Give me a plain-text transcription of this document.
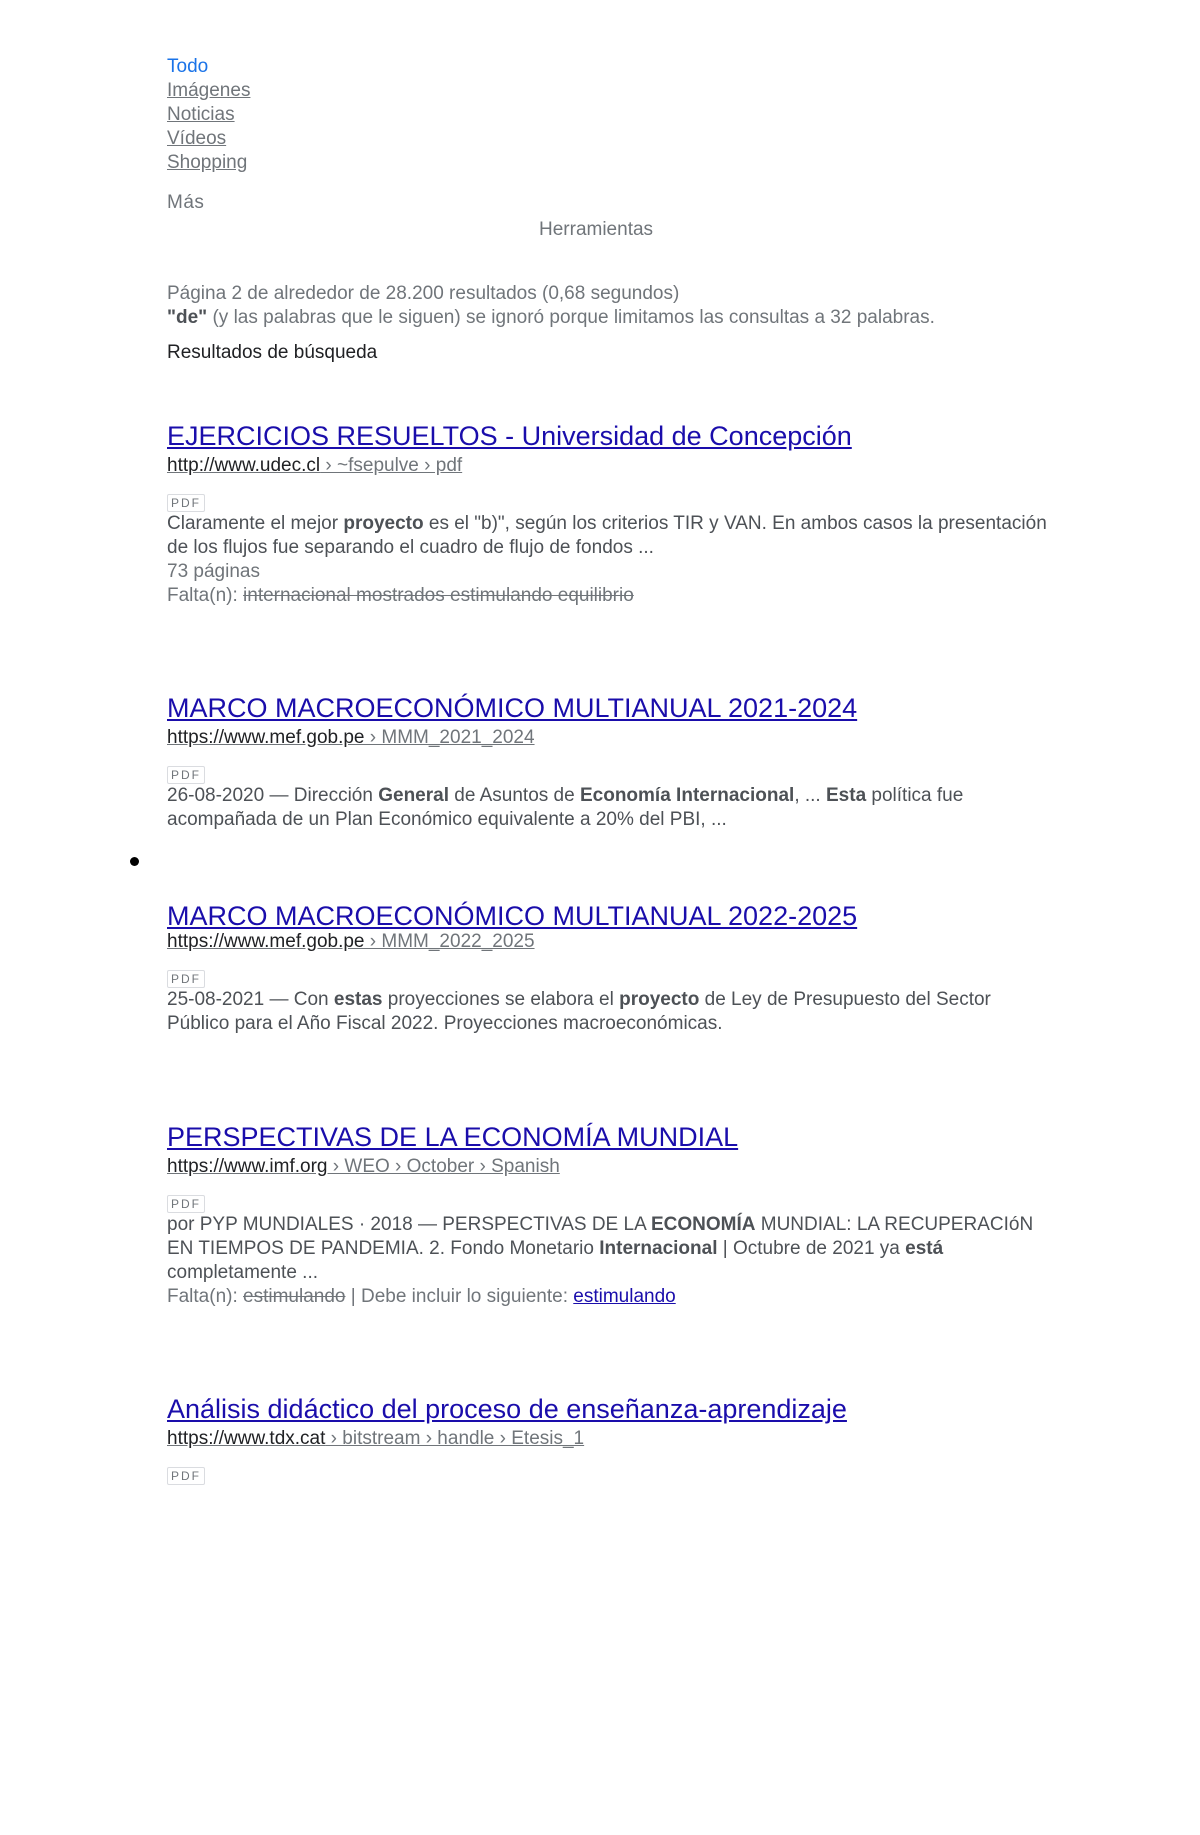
Todo
Imágenes
Noticias
Vídeos
Shopping
Más
Herramientas
Página 2 de alrededor de 28.200 resultados (0,68 segundos)
"de" (y las palabras que le siguen) se ignoró porque limitamos las consultas a 32 palabras.
Resultados de búsqueda
EJERCICIOS RESUELTOS - Universidad de Concepción
http://www.udec.cl › ~fsepulve › pdf
PDF
Claramente el mejor proyecto es el "b)", según los criterios TIR y VAN. En ambos casos la presentación de los flujos fue separando el cuadro de flujo de fondos ...
73 páginas
Falta(n): internacional mostrados estimulando equilibrio
MARCO MACROECONÓMICO MULTIANUAL 2021-2024
https://www.mef.gob.pe › MMM_2021_2024
PDF
26-08-2020 — Dirección General de Asuntos de Economía Internacional, ... Esta política fue acompañada de un Plan Económico equivalente a 20% del PBI, ...
MARCO MACROECONÓMICO MULTIANUAL 2022-2025
https://www.mef.gob.pe › MMM_2022_2025
PDF
25-08-2021 — Con estas proyecciones se elabora el proyecto de Ley de Presupuesto del Sector Público para el Año Fiscal 2022. Proyecciones macroeconómicas.
PERSPECTIVAS DE LA ECONOMÍA MUNDIAL
https://www.imf.org › WEO › October › Spanish
PDF
por PYP MUNDIALES · 2018 — PERSPECTIVAS DE LA ECONOMÍA MUNDIAL: LA RECUPERACIóN EN TIEMPOS DE PANDEMIA. 2. Fondo Monetario Internacional | Octubre de 2021 ya está completamente ...
Falta(n): estimulando | Debe incluir lo siguiente: estimulando
Análisis didáctico del proceso de enseñanza-aprendizaje
https://www.tdx.cat › bitstream › handle › Etesis_1
PDF
